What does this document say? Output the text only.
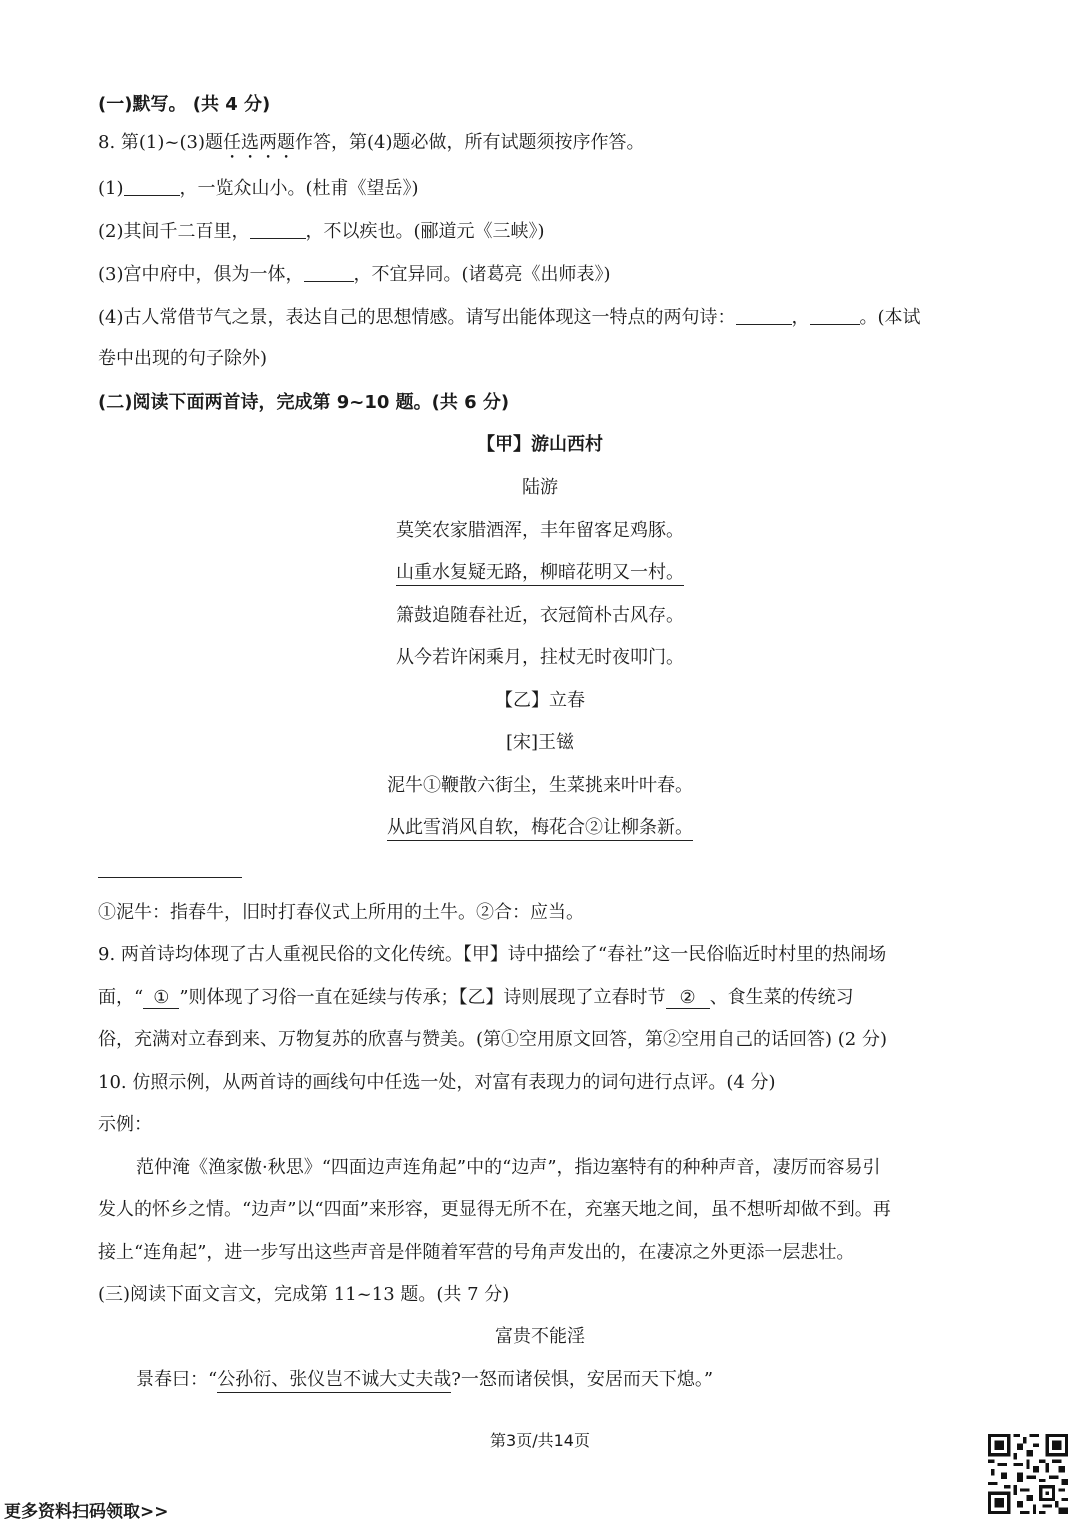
(一)默写。 (共 4 分)
8. 第(1)~(3)题任选两题作答，第(4)题必做，所有试题须按序作答。
(1)	，一览众山小。(杜甫《望岳》)
(2)其间千二百里，	，不以疾也。(郦道元《三峡》)
(3)宫中府中，俱为一体，	，不宜异同。(诸葛亮《出师表》)
(4)古人常借节气之景，表达自己的思想情感。请写出能体现这一特点的两句诗：	，	。(本试
卷中出现的句子除外)
(二)阅读下面两首诗，完成第 9~10 题。(共 6 分)
【甲】游山西村
陆游
莫笑农家腊酒浑，丰年留客足鸡豚。
山重水复疑无路，柳暗花明又一村。
箫鼓追随春社近，衣冠简朴古风存。
从今若许闲乘月，拄杖无时夜叩门。
【乙】立春
[宋]王镃
泥牛①鞭散六街尘，生菜挑来叶叶春。
从此雪消风自软，梅花合②让柳条新。
①泥牛：指春牛，旧时打春仪式上所用的土牛。②合：应当。
9. 两首诗均体现了古人重视民俗的文化传统。【甲】诗中描绘了“春社”这一民俗临近时村里的热闹场
面，“ ① ”则体现了习俗一直在延续与传承；【乙】诗则展现了立春时节 ② 、食生菜的传统习
俗，充满对立春到来、万物复苏的欣喜与赞美。(第①空用原文回答，第②空用自己的话回答) (2 分)
10. 仿照示例，从两首诗的画线句中任选一处，对富有表现力的词句进行点评。(4 分)
示例：
范仲淹《渔家傲·秋思》“四面边声连角起”中的“边声”，指边塞特有的种种声音，凄厉而容易引
发人的怀乡之情。“边声”以“四面”来形容，更显得无所不在，充塞天地之间，虽不想听却做不到。再
接上“连角起”，进一步写出这些声音是伴随着军营的号角声发出的，在凄凉之外更添一层悲壮。
(三)阅读下面文言文，完成第 11~13 题。(共 7 分)
富贵不能淫
景春曰：“公孙衍、张仪岂不诚大丈夫哉?一怒而诸侯惧，安居而天下熄。”
第3页/共14页
更多资料扫码领取>>
